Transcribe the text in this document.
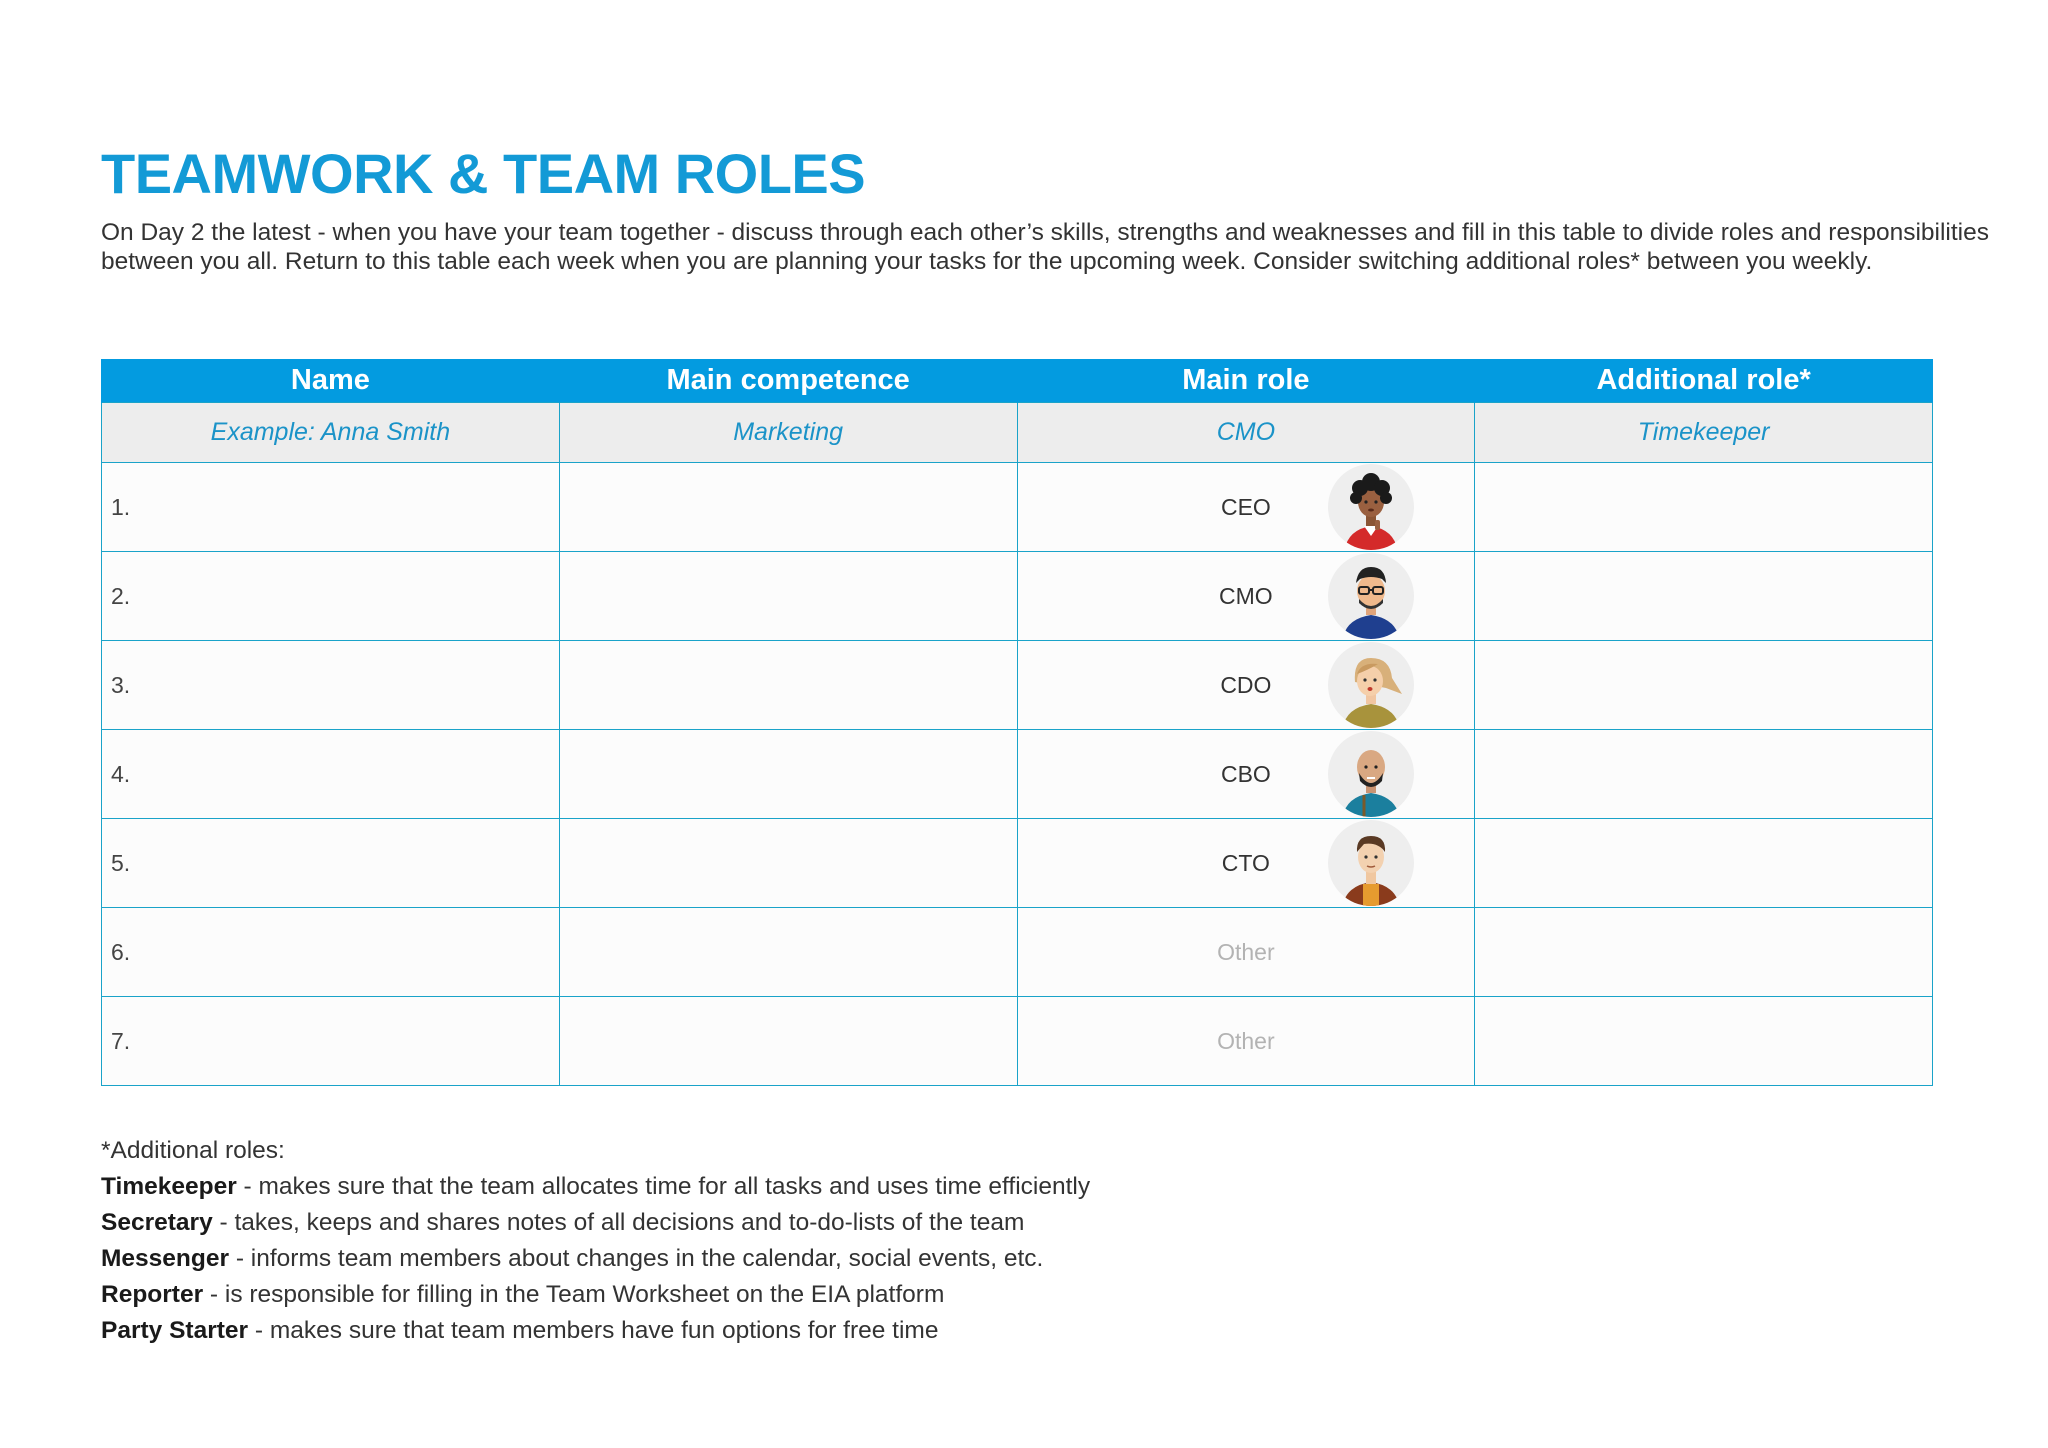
TEAMWORK & TEAM ROLES

On Day 2 the latest - when you have your team together - discuss through each other’s skills, strengths and weaknesses and fill in this table to divide roles and responsibilities between you all. Return to this table each week when you are planning your tasks for the upcoming week. Consider switching additional roles* between you weekly.

Name	Main competence	Main role	Additional role*
Example: Anna Smith	Marketing	CMO	Timekeeper
1.		CEO

2.		CMO

3.		CDO

4.		CBO

5.		CTO

6.		Other	
7.		Other	
*Additional roles:
Timekeeper - makes sure that the team allocates time for all tasks and uses time efficiently
Secretary - takes, keeps and shares notes of all decisions and to-do-lists of the team
Messenger - informs team members about changes in the calendar, social events, etc.
Reporter - is responsible for filling in the Team Worksheet on the EIA platform
Party Starter - makes sure that team members have fun options for free time
